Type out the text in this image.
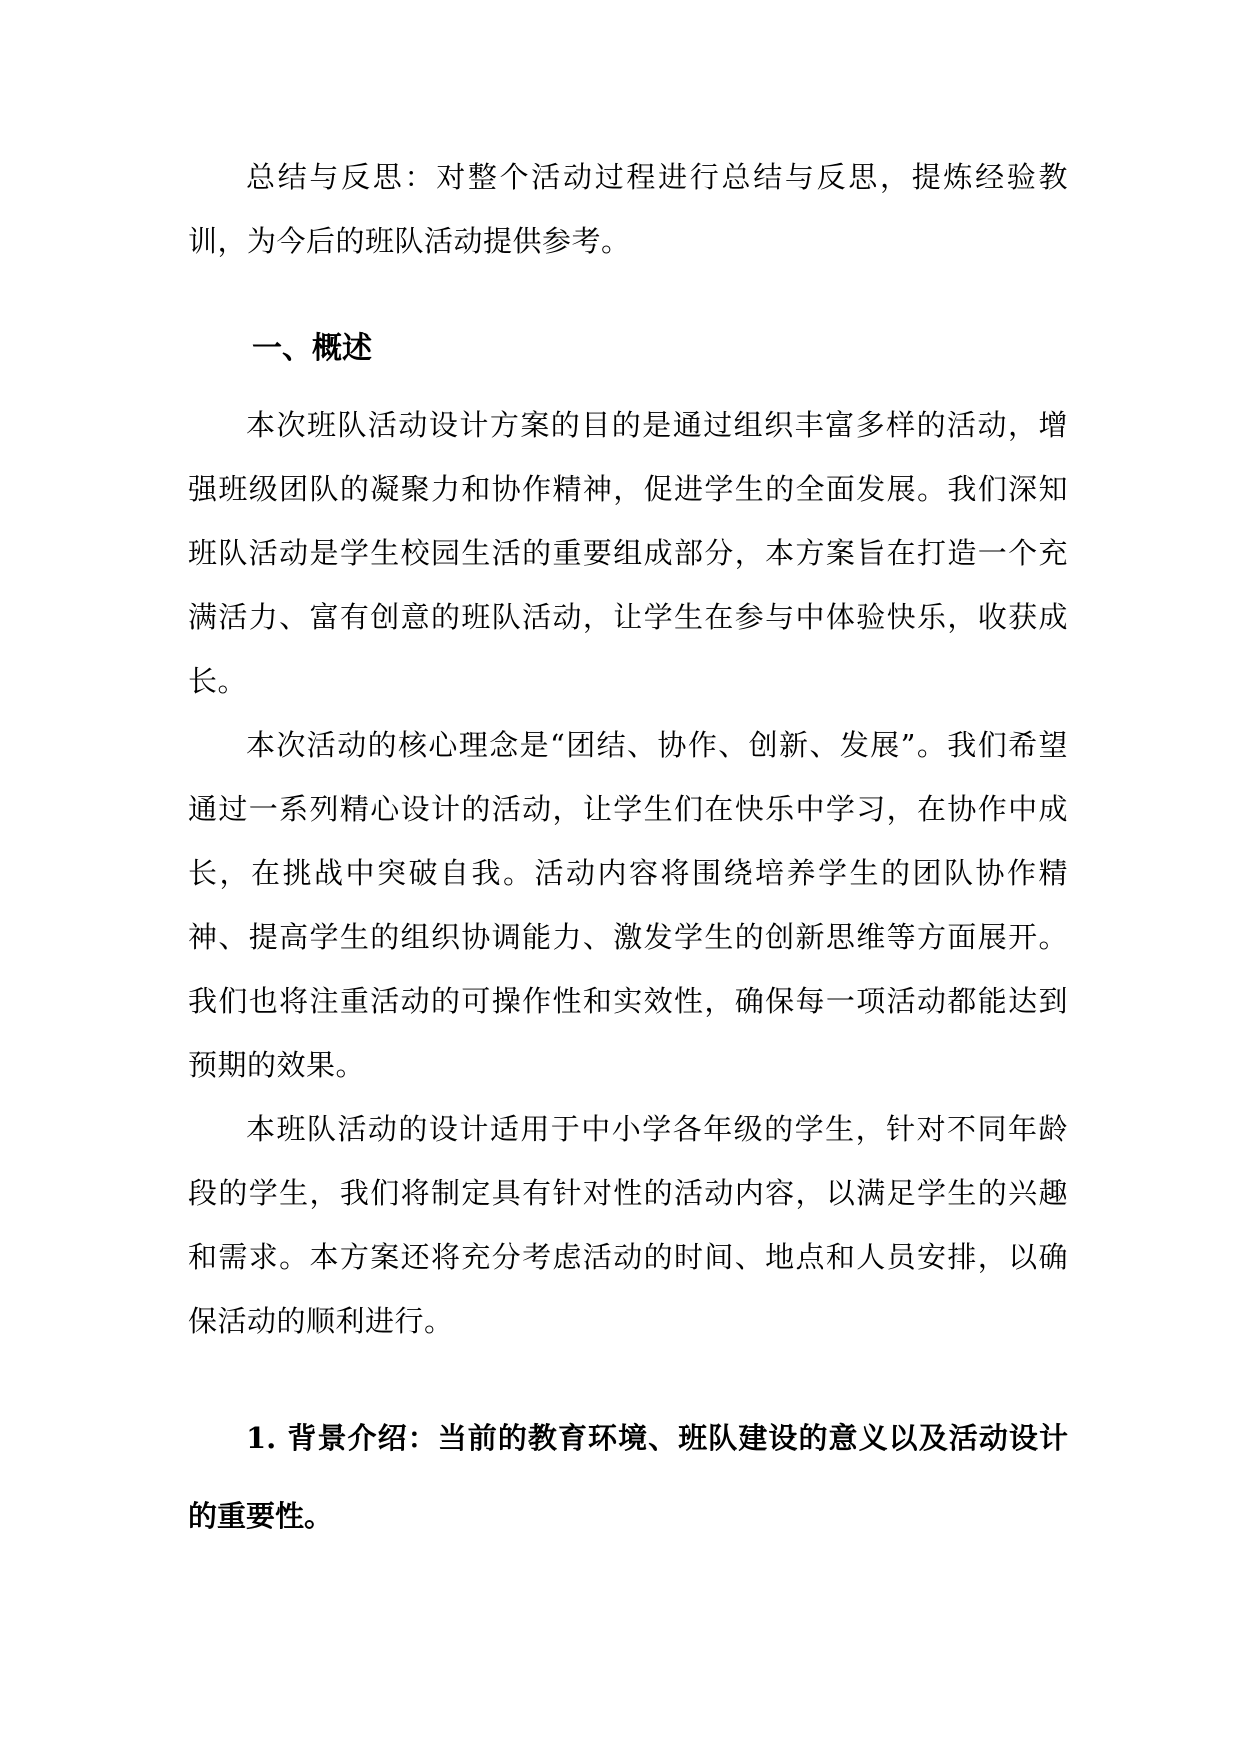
总结与反思：对整个活动过程进行总结与反思，提炼经验教训，为今后的班队活动提供参考。

一、概述

本次班队活动设计方案的目的是通过组织丰富多样的活动，增强班级团队的凝聚力和协作精神，促进学生的全面发展。我们深知班队活动是学生校园生活的重要组成部分，本方案旨在打造一个充满活力、富有创意的班队活动，让学生在参与中体验快乐，收获成长。

本次活动的核心理念是“团结、协作、创新、发展”。我们希望通过一系列精心设计的活动，让学生们在快乐中学习，在协作中成长，在挑战中突破自我。活动内容将围绕培养学生的团队协作精神、提高学生的组织协调能力、激发学生的创新思维等方面展开。我们也将注重活动的可操作性和实效性，确保每一项活动都能达到预期的效果。

本班队活动的设计适用于中小学各年级的学生，针对不同年龄段的学生，我们将制定具有针对性的活动内容，以满足学生的兴趣和需求。本方案还将充分考虑活动的时间、地点和人员安排，以确保活动的顺利进行。

1. 背景介绍：当前的教育环境、班队建设的意义以及活动设计的重要性。
